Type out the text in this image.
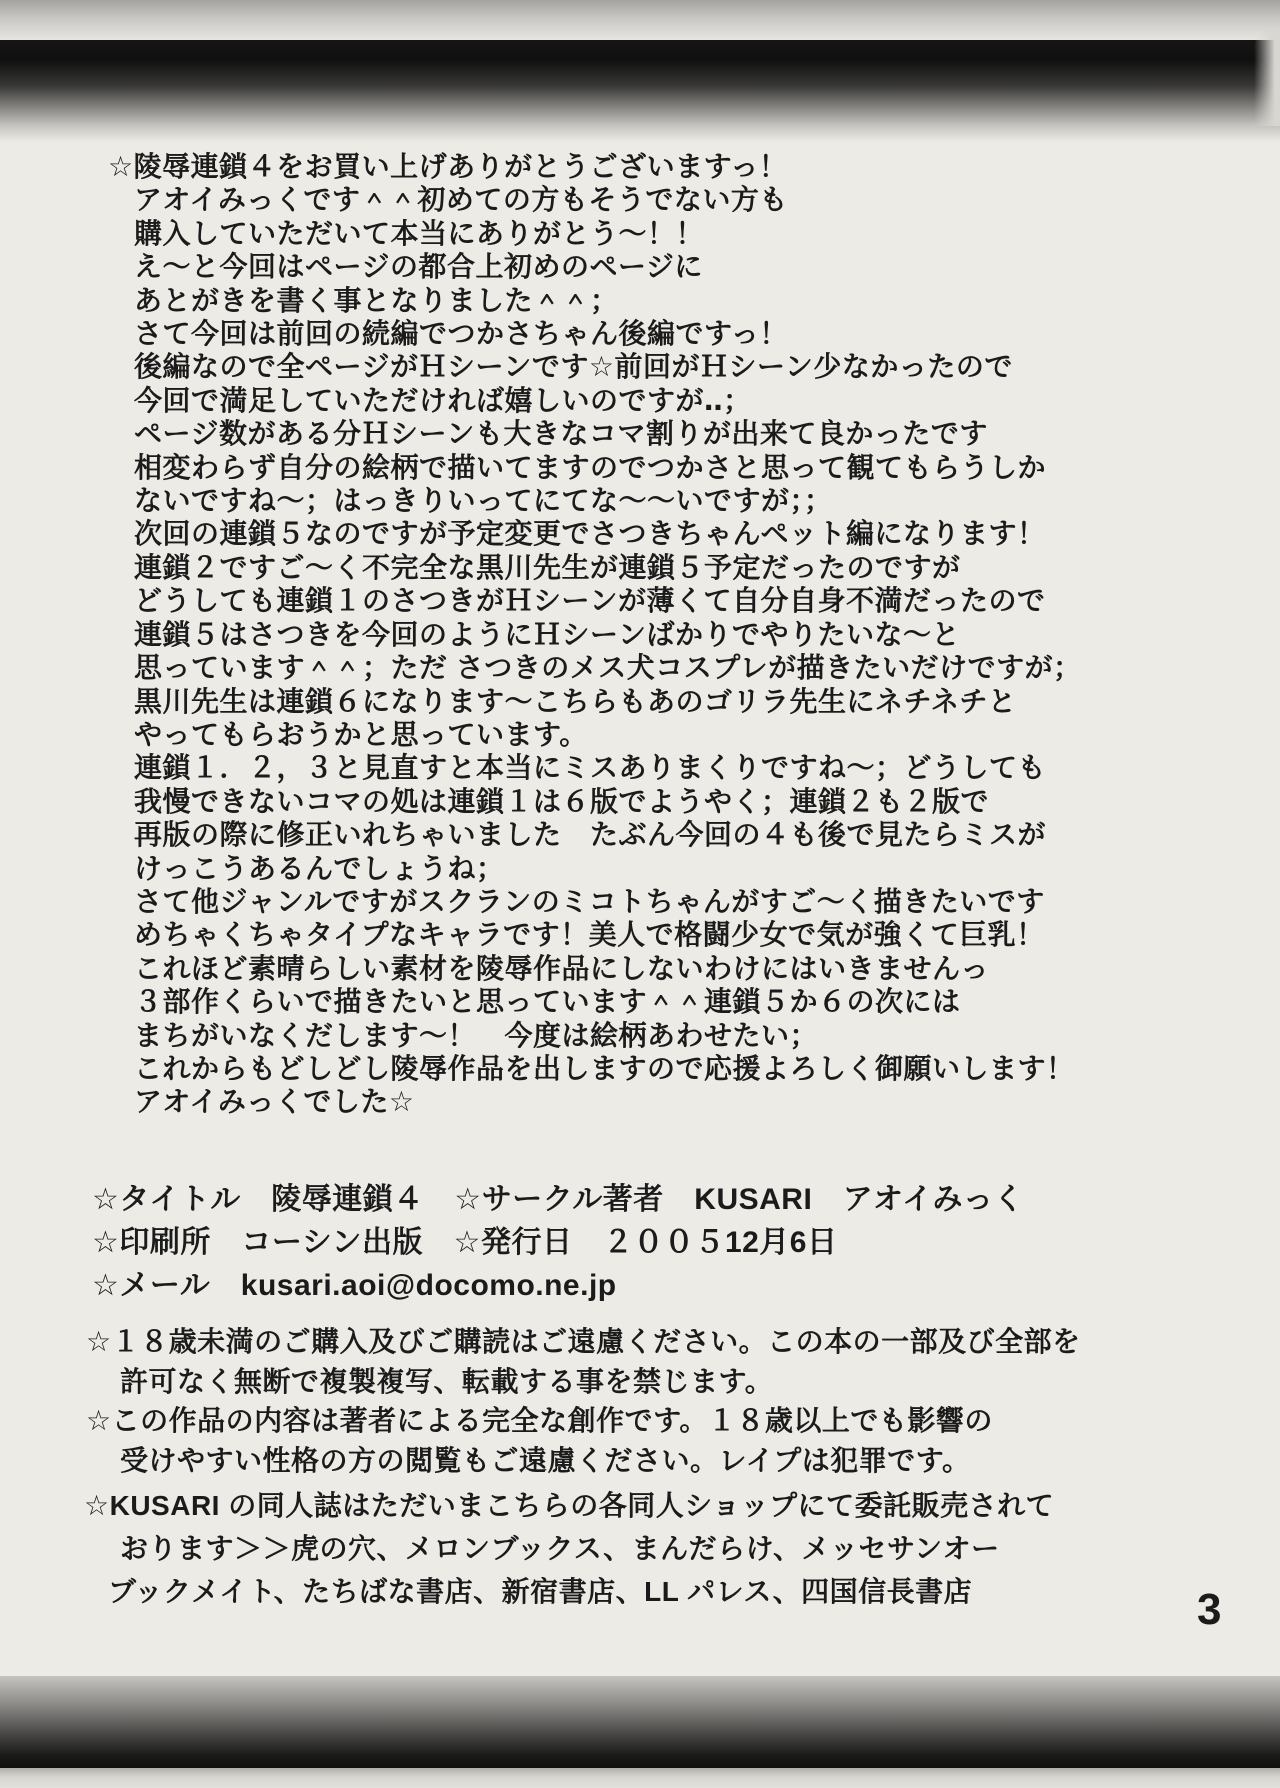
☆陵辱連鎖４をお買い上げありがとうございますっ！
アオイみっくです＾＾初めての方もそうでない方も
購入していただいて本当にありがとう～！！
え～と今回はページの都合上初めのページに
あとがきを書く事となりました＾＾；
さて今回は前回の続編でつかさちゃん後編ですっ！
後編なので全ページがＨシーンです☆前回がＨシーン少なかったので
今回で満足していただければ嬉しいのですが‥；
ページ数がある分Ｈシーンも大きなコマ割りが出来て良かったです
相変わらず自分の絵柄で描いてますのでつかさと思って観てもらうしか
ないですね～；はっきりいってにてな～～いですが；；
次回の連鎖５なのですが予定変更でさつきちゃんペット編になります！
連鎖２ですご～く不完全な黒川先生が連鎖５予定だったのですが
どうしても連鎖１のさつきがＨシーンが薄くて自分自身不満だったので
連鎖５はさつきを今回のようにＨシーンばかりでやりたいな～と
思っています＾＾；ただ さつきのメス犬コスプレが描きたいだけですが；
黒川先生は連鎖６になります～こちらもあのゴリラ先生にネチネチと
やってもらおうかと思っています。
連鎖１．２，３と見直すと本当にミスありまくりですね～；どうしても
我慢できないコマの処は連鎖１は６版でようやく；連鎖２も２版で
再版の際に修正いれちゃいました　たぶん今回の４も後で見たらミスが
けっこうあるんでしょうね；
さて他ジャンルですがスクランのミコトちゃんがすご～く描きたいです
めちゃくちゃタイプなキャラです！美人で格闘少女で気が強くて巨乳！
これほど素晴らしい素材を陵辱作品にしないわけにはいきませんっ
３部作くらいで描きたいと思っています＾＾連鎖５か６の次には
まちがいなくだします～！　今度は絵柄あわせたい；
これからもどしどし陵辱作品を出しますので応援よろしく御願いします！
アオイみっくでした☆
☆タイトル　陵辱連鎖４　☆サークル著者　KUSARI　アオイみっく
☆印刷所　コーシン出版　☆発行日　２００５12月6日
☆メール　kusari.aoi@docomo.ne.jp
☆１８歳未満のご購入及びご購読はご遠慮ください。この本の一部及び全部を
許可なく無断で複製複写、転載する事を禁じます。
☆この作品の内容は著者による完全な創作です。１８歳以上でも影響の
受けやすい性格の方の閲覧もご遠慮ください。レイプは犯罪です。
☆KUSARI の同人誌はただいまこちらの各同人ショップにて委託販売されて
おります＞＞虎の穴、メロンブックス、まんだらけ、メッセサンオー
ブックメイト、たちばな書店、新宿書店、LL パレス、四国信長書店	3
